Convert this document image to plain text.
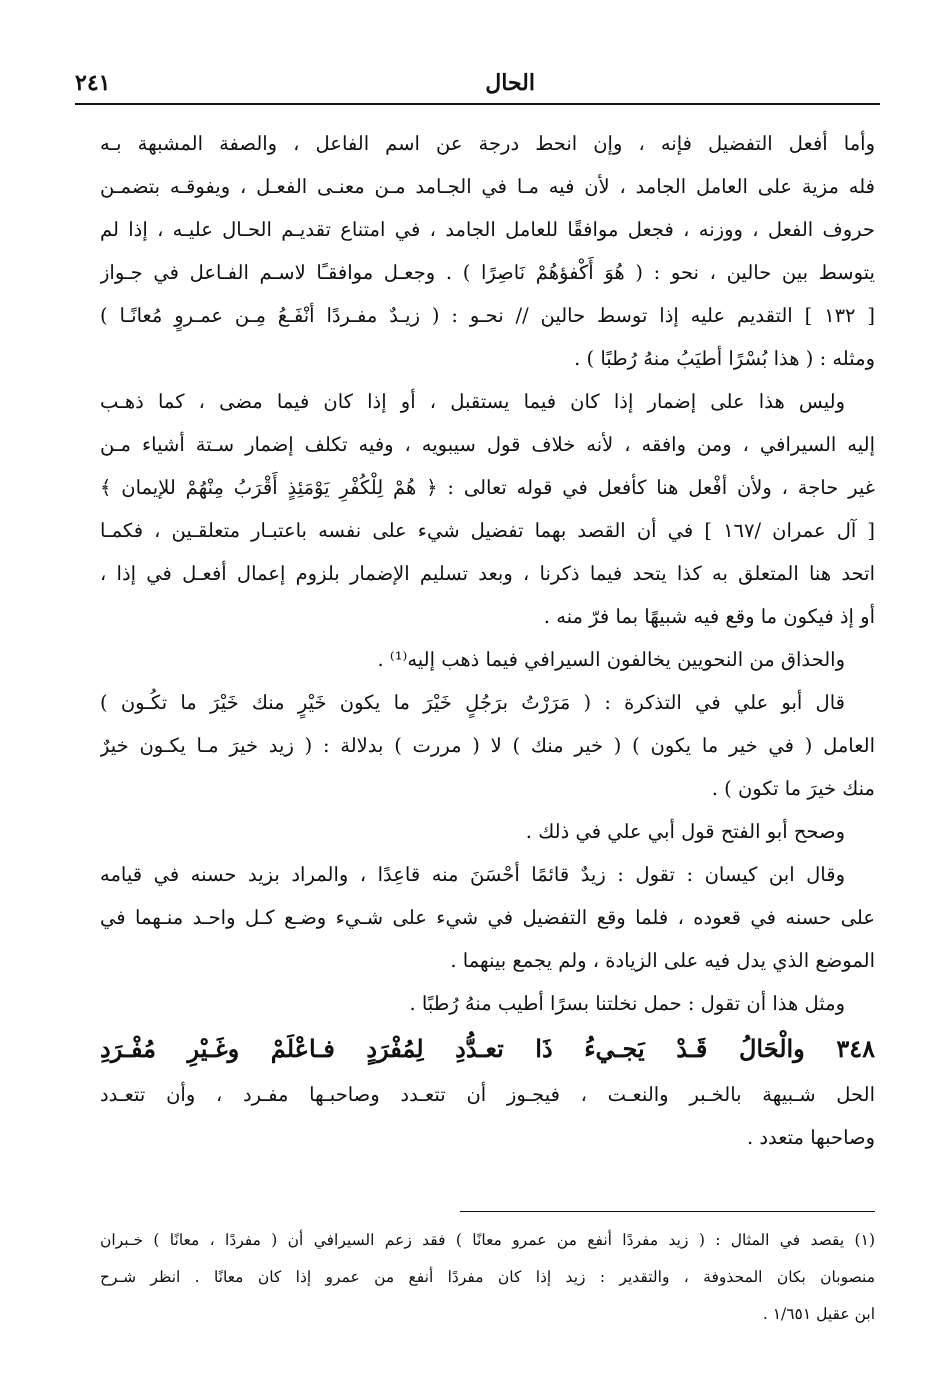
الحال
٢٤١
وأما أفعل التفضيل فإنه ، وإن انحط درجة عن اسم الفاعل ، والصفة المشبهة بـه
فله مزية على العامل الجامد ، لأن فيه مـا في الجـامد مـن معنـى الفعـل ، ويفوقـه بتضمـن
حروف الفعل ، ووزنه ، فجعل موافقًا للعامل الجامد ، في امتناع تقديـم الحـال عليـه ، إذا لم
يتوسط بين حالين ، نحو : ( هُوَ أَكْفؤهُمْ نَاصِرًا ) . وجعـل موافقـًا لاسـم الفـاعل في جـواز
[ ١٣٢ ] التقديم عليه إذا توسط حالين // نحـو : ( زيـدٌ مفـردًا أنْفَـعُ مِـن عمـروٍ مُعانًـا )
ومثله : ( هذا بُسْرًا أطيَبُ منهُ رُطبًا ) .
وليس هذا على إضمار إذا كان فيما يستقبل ، أو إذا كان فيما مضى ، كما ذهـب
إليه السيرافي ، ومن وافقه ، لأنه خلاف قول سيبويه ، وفيه تكلف إضمار سـتة أشياء مـن
غير حاجة ، ولأن أفْعل هنا كأفعل في قوله تعالى : ﴿ هُمْ لِلْكُفْرِ يَوْمَئِذٍ أَقْرَبُ مِنْهُمْ للإيمان ﴾
[ آل عمران /١٦٧ ] في أن القصد بهما تفضيل شيء على نفسه باعتبـار متعلقـين ، فكمـا
اتحد هنا المتعلق به كذا يتحد فيما ذكرنا ، وبعد تسليم الإضمار بلزوم إعمال أفعـل في إذا ،
أو إذ فيكون ما وقع فيه شبيهًا بما فرّ منه .
والحذاق من النحويين يخالفون السيرافي فيما ذهب إليه⁽¹⁾ .
قال أبو علي في التذكرة : ( مَرَرْتُ برَجُلٍ خَيْرَ ما يكون خَيْرٍ منك خَيْرَ ما تكُـون )
العامل ( في خير ما يكون ) ( خير منك ) لا ( مررت ) بدلالة : ( زيد خيرَ مـا يكـون خيرٌ
منك خيرَ ما تكون ) .
وصحح أبو الفتح قول أبي علي في ذلك .
وقال ابن كيسان : تقول : زيدٌ قائمًا أحْسَنَ منه قاعِدًا ، والمراد بزيد حسنه في قيامه
على حسنه في قعوده ، فلما وقع التفضيل في شيء على شـيء وضـع كـل واحـد منـهما في
الموضع الذي يدل فيه على الزيادة ، ولم يجمع بينهما .
ومثل هذا أن تقول : حمل نخلتنا بسرًا أطيب منهُ رُطبًا .
٣٤٨ والْحَالُ قَـدْ يَجـيءُ ذَا تعـدُّدِ لِمُفْرَدٍ فـاعْلَمْ وغَـيْرِ مُفْـرَدِ
الحل شـبيهة بالخـبر والنعـت ، فيجـوز أن تتعـدد وصاحبـها مفـرد ، وأن تتعـدد
وصاحبها متعدد .
(١) يقصد في المثال : ( زيد مفردًا أنفع من عمرو معانًا ) فقد زعم السيرافي أن ( مفردًا ، معانًا ) خـبران
منصوبان بكان المحذوفة ، والتقدير : زيد إذا كان مفردًا أنفع من عمرو إذا كان معانًا . انظر شـرح
ابن عقيل ١/٦٥١ .
